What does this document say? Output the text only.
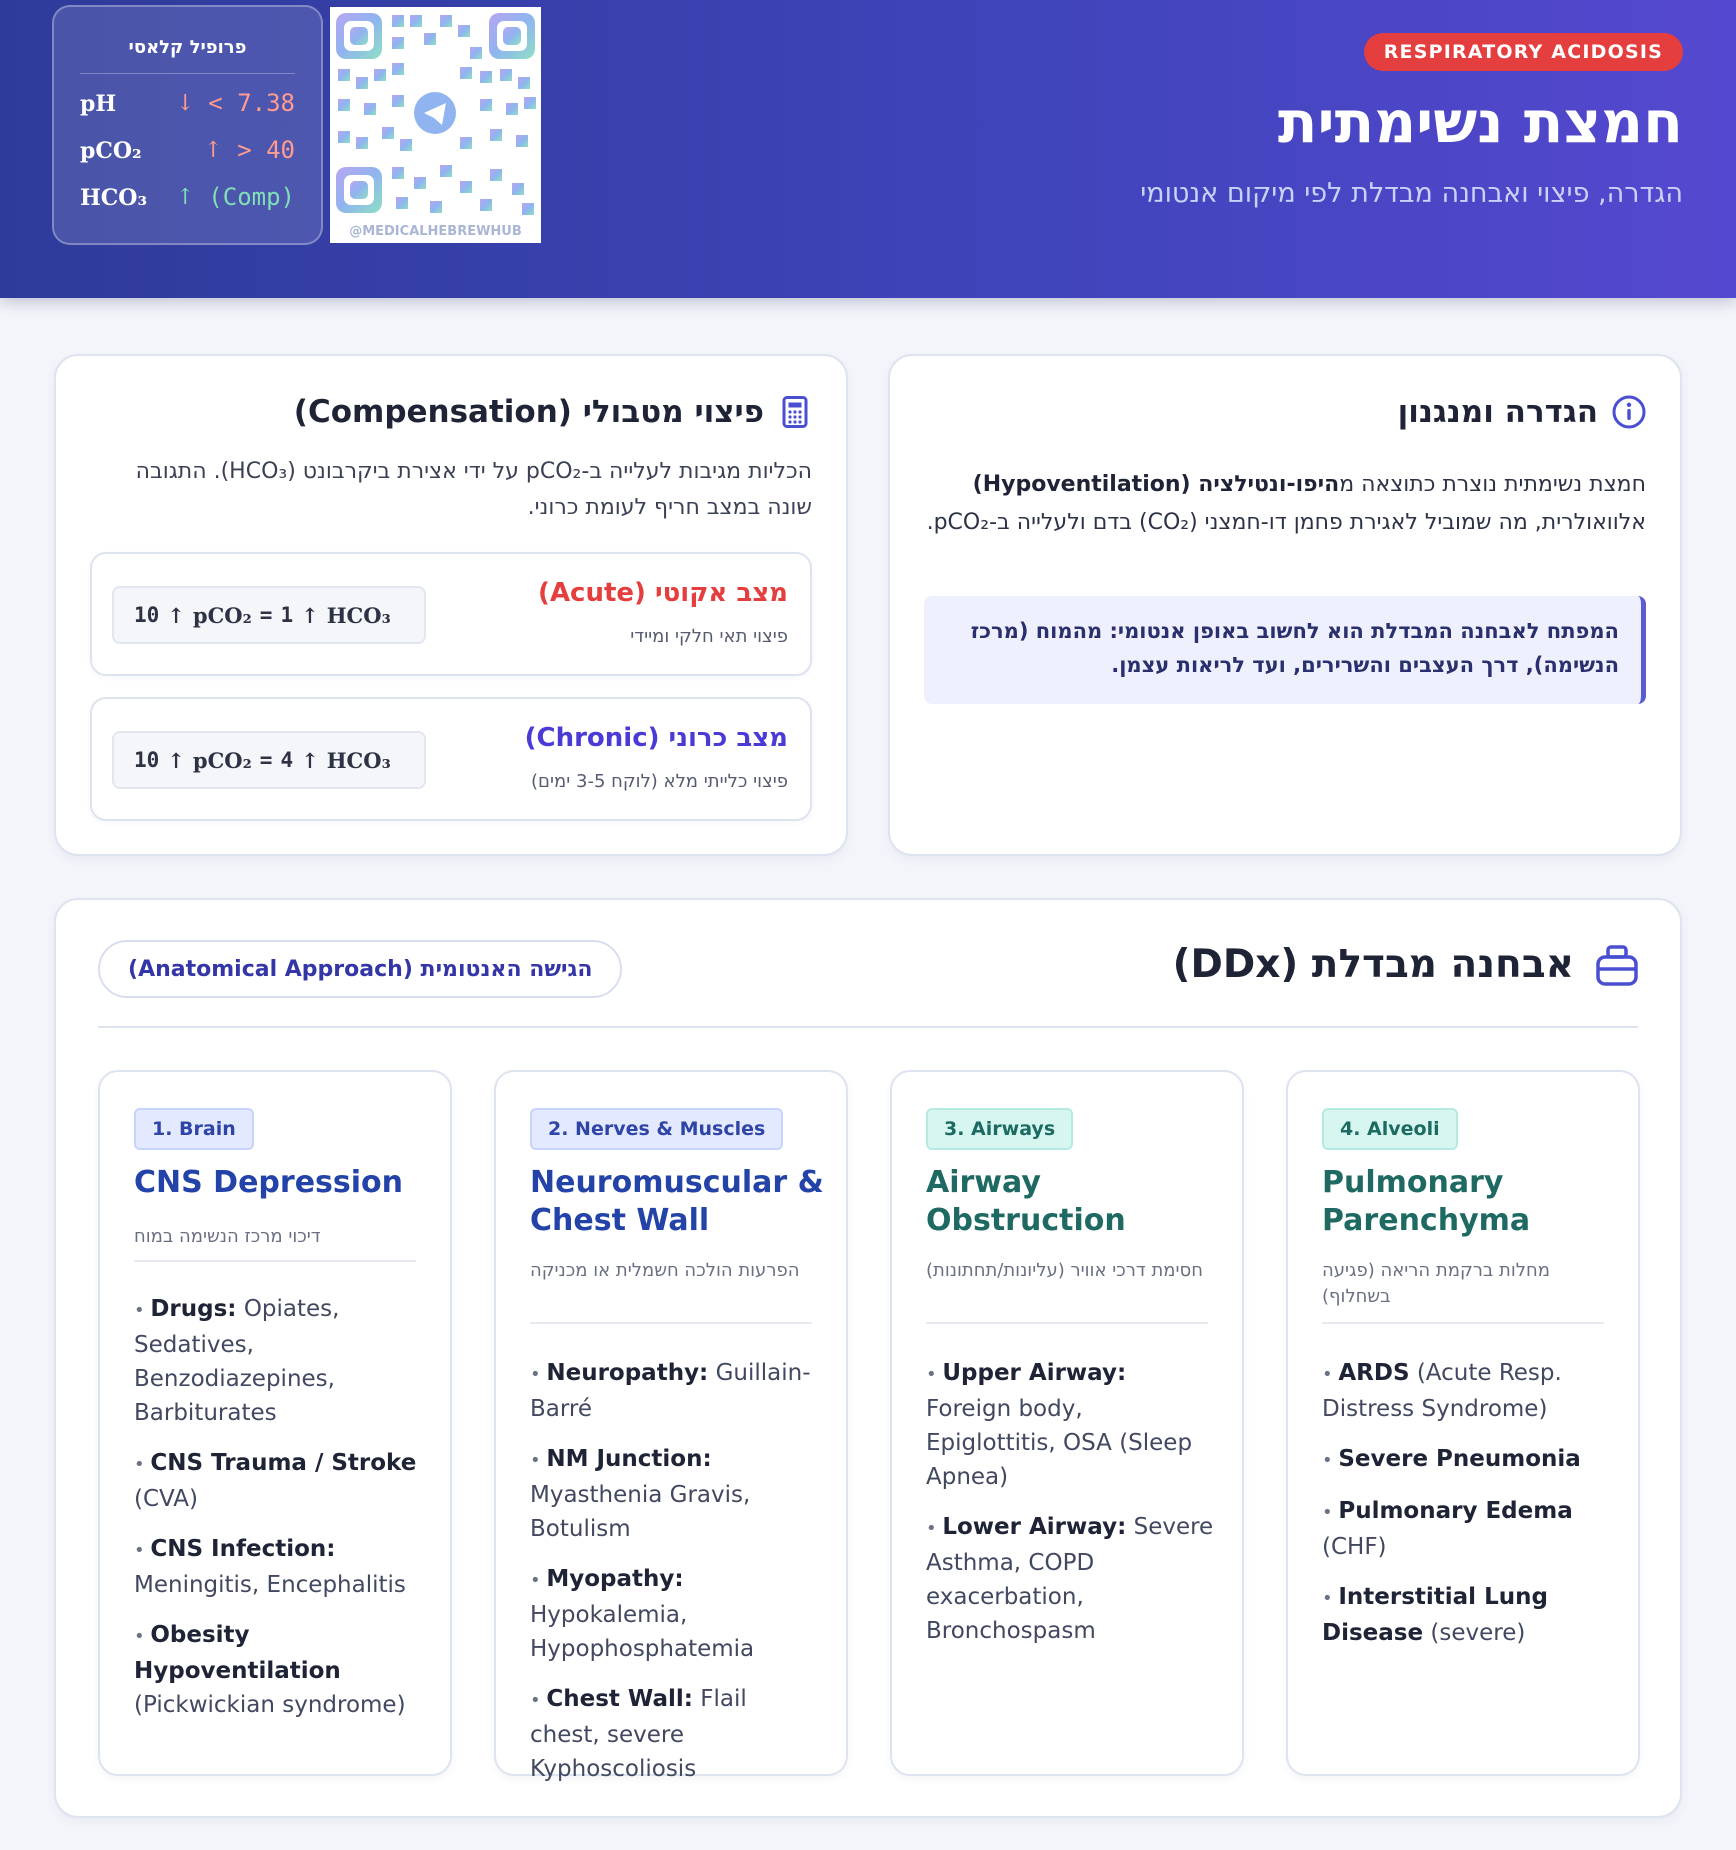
RESPIRATORY ACIDOSIS
חמצת נשימתית
הגדרה, פיצוי ואבחנה מבדלת לפי מיקום אנטומי
פרופיל קלאסי
pH	↓ < 7.38
pCO₂	↑ > 40
HCO₃ ↑ (Comp)
@MEDICALHEBREWHUB
הגדרה ומנגנון
חמצת נשימתית נוצרת כתוצאה מהיפו-ונטילציה (Hypoventilation) אלוואולרית, מה שמוביל לאגירת פחמן דו-חמצני (CO₂) בדם ולעלייה ב-pCO₂.
המפתח לאבחנה המבדלת הוא לחשוב באופן אנטומי: מהמוח (מרכז הנשימה), דרך העצבים והשרירים, ועד לריאות עצמן.
פיצוי מטבולי (Compensation)
הכליות מגיבות לעלייה ב-pCO₂ על ידי אצירת ביקרבונט (HCO₃). התגובה שונה במצב חריף לעומת כרוני.
מצב אקוטי (Acute)
פיצוי תאי חלקי ומיידי
10 ↑ pCO₂ = 1 ↑ HCO₃
מצב כרוני (Chronic)
פיצוי כלייתי מלא (לוקח 3-5 ימים)
10 ↑ pCO₂ = 4 ↑ HCO₃
אבחנה מבדלת (DDx)
הגישה האנטומית (Anatomical Approach)
1. Brain
CNS Depression
דיכוי מרכז הנשימה במוח
• Drugs: Opiates, Sedatives, Benzodiazepines, Barbiturates
• CNS Trauma / Stroke (CVA)
• CNS Infection: Meningitis, Encephalitis
• Obesity Hypoventilation (Pickwickian syndrome)
2. Nerves & Muscles
Neuromuscular & Chest Wall
הפרעות הולכה חשמלית או מכניקה
• Neuropathy: Guillain-Barré
• NM Junction: Myasthenia Gravis, Botulism
• Myopathy: Hypokalemia, Hypophosphatemia
• Chest Wall: Flail chest, severe Kyphoscoliosis
3. Airways
Airway Obstruction
חסימת דרכי אוויר (עליונות/תחתונות)
• Upper Airway: Foreign body, Epiglottitis, OSA (Sleep Apnea)
• Lower Airway: Severe Asthma, COPD exacerbation, Bronchospasm
4. Alveoli
Pulmonary Parenchyma
מחלות ברקמת הריאה (פגיעה בשחלוף)
• ARDS (Acute Resp. Distress Syndrome)
• Severe Pneumonia
• Pulmonary Edema (CHF)
• Interstitial Lung Disease (severe)
